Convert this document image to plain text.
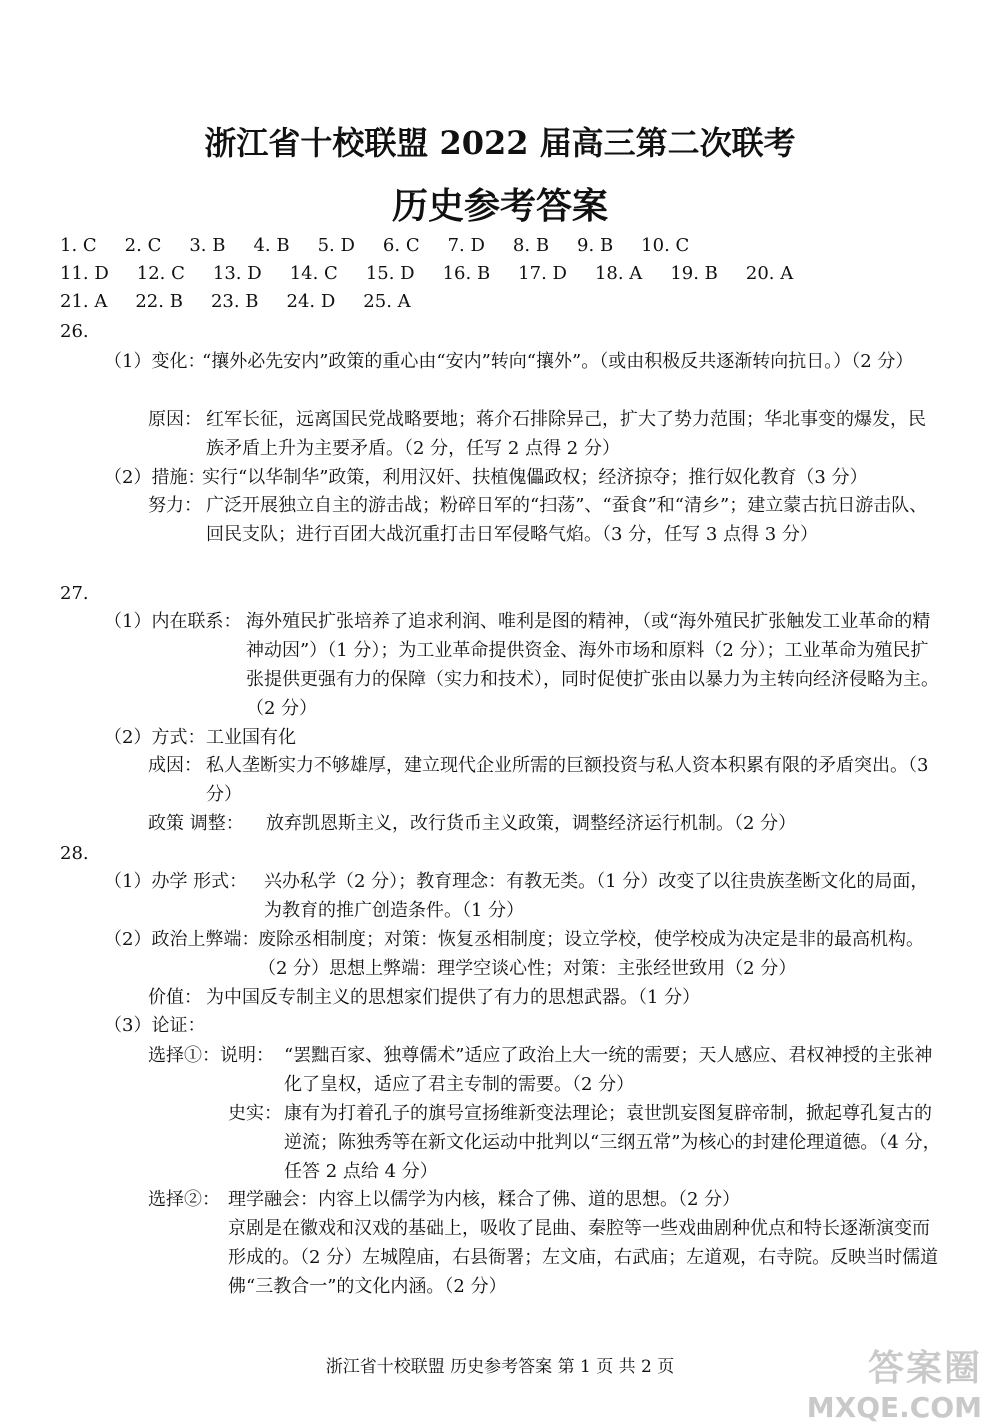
浙江省十校联盟 2022 届高三第二次联考
历史参考答案
1. C 2. C 3. B 4. B 5. D 6. C 7. D 8. B 9. B 10. C
11. D 12. C 13. D 14. C 15. D 16. B 17. D 18. A 19. B 20. A
21. A 22. B 23. B 24. D 25. A
26.
（1）变化：
“攘外必先安内”政策的重心由“安内”转向“攘外”。（或由积极反共逐渐转向抗日。）（2 分）
原因： 红军长征，远离国民党战略要地；蒋介石排除异己，扩大了势力范围；华北事变的爆发，民族矛盾上升为主要矛盾。（2 分，任写 2 点得 2 分）
（2）措施：
实行“以华制华”政策，利用汉奸、扶植傀儡政权；经济掠夺；推行奴化教育（3 分）
努力： 广泛开展独立自主的游击战；粉碎日军的“扫荡”、“蚕食”和“清乡”；建立蒙古抗日游击队、回民支队；进行百团大战沉重打击日军侵略气焰。（3 分，任写 3 点得 3 分）
27.
（1）内在联系： 海外殖民扩张培养了追求利润、唯利是图的精神，（或“海外殖民扩张触发工业革命的精神动因”）（1 分）；为工业革命提供资金、海外市场和原料（2 分）；工业革命为殖民扩张提供更强有力的保障（实力和技术），同时促使扩张由以暴力为主转向经济侵略为主。（2 分）
（2）方式： 工业国有化
成因： 私人垄断实力不够雄厚，建立现代企业所需的巨额投资与私人资本积累有限的矛盾突出。（3 分）
政策 调整： 放弃凯恩斯主义，改行货币主义政策，调整经济运行机制。（2 分）
28.
（1）办学 形式： 兴办私学（2 分）；教育理念：有教无类。（1 分）改变了以往贵族垄断文化的局面，为教育的推广创造条件。（1 分）
（2）政治上弊端：
废除丞相制度；对策：恢复丞相制度；设立学校，使学校成为决定是非的最高机构。（2 分）思想上弊端：理学空谈心性；对策：主张经世致用（2 分）
价值： 为中国反专制主义的思想家们提供了有力的思想武器。（1 分）
（3）论证：
选择①：说明： “罢黜百家、独尊儒术”适应了政治上大一统的需要；天人感应、君权神授的主张神化了皇权，适应了君主专制的需要。（2 分）
史实： 康有为打着孔子的旗号宣扬维新变法理论；袁世凯妄图复辟帝制，掀起尊孔复古的逆流；陈独秀等在新文化运动中批判以“三纲五常”为核心的封建伦理道德。（4 分，任答 2 点给 4 分）
选择②： 理学融会：内容上以儒学为内核，糅合了佛、道的思想。（2 分）
京剧是在徽戏和汉戏的基础上，吸收了昆曲、秦腔等一些戏曲剧种优点和特长逐渐演变而形成的。（2 分）左城隍庙，右县衙署；左文庙，右武庙；左道观，右寺院。反映当时儒道佛“三教合一”的文化内涵。（2 分）
浙江省十校联盟 历史参考答案 第 1 页 共 2 页	答案圈
MXQE.COM
